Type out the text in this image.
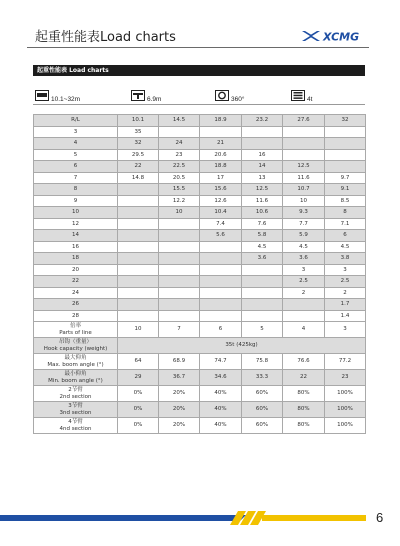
起重性能表Load charts	XCMG
起重性能表 Load charts
10.1~32m	6.9m	360°	4t
R/L	10.1	14.5	18.9	23.2	27.6	32
3	35					
4	32	24	21			
5	29.5	23	20.6	16		
6	22	22.5	18.8	14	12.5	
7	14.8	20.5	17	13	11.6	9.7
8		15.5	15.6	12.5	10.7	9.1
9		12.2	12.6	11.6	10	8.5
10		10	10.4	10.6	9.3	8
12			7.4	7.6	7.7	7.1
14			5.6	5.8	5.9	6
16				4.5	4.5	4.5
18				3.6	3.6	3.8
20					3	3
22					2.5	2.5
24					2	2
26						1.7
28						1.4

倍率
Parts of line	10	7	6	5	4	3

吊钩（重量）
Hook capacity (weight)	35t (425kg)					

最大仰角
Max. boom angle (°)	64	68.9	74.7	75.8	76.6	77.2

最小仰角
Min. boom angle (°)	29	36.7	34.6	33.3	22	23

2节臂
2nd section	0%	20%	40%	60%	80%	100%

3节臂
3nd section	0%	20%	40%	60%	80%	100%

4节臂
4nd section	0%	20%	40%	60%	80%	100%
6
